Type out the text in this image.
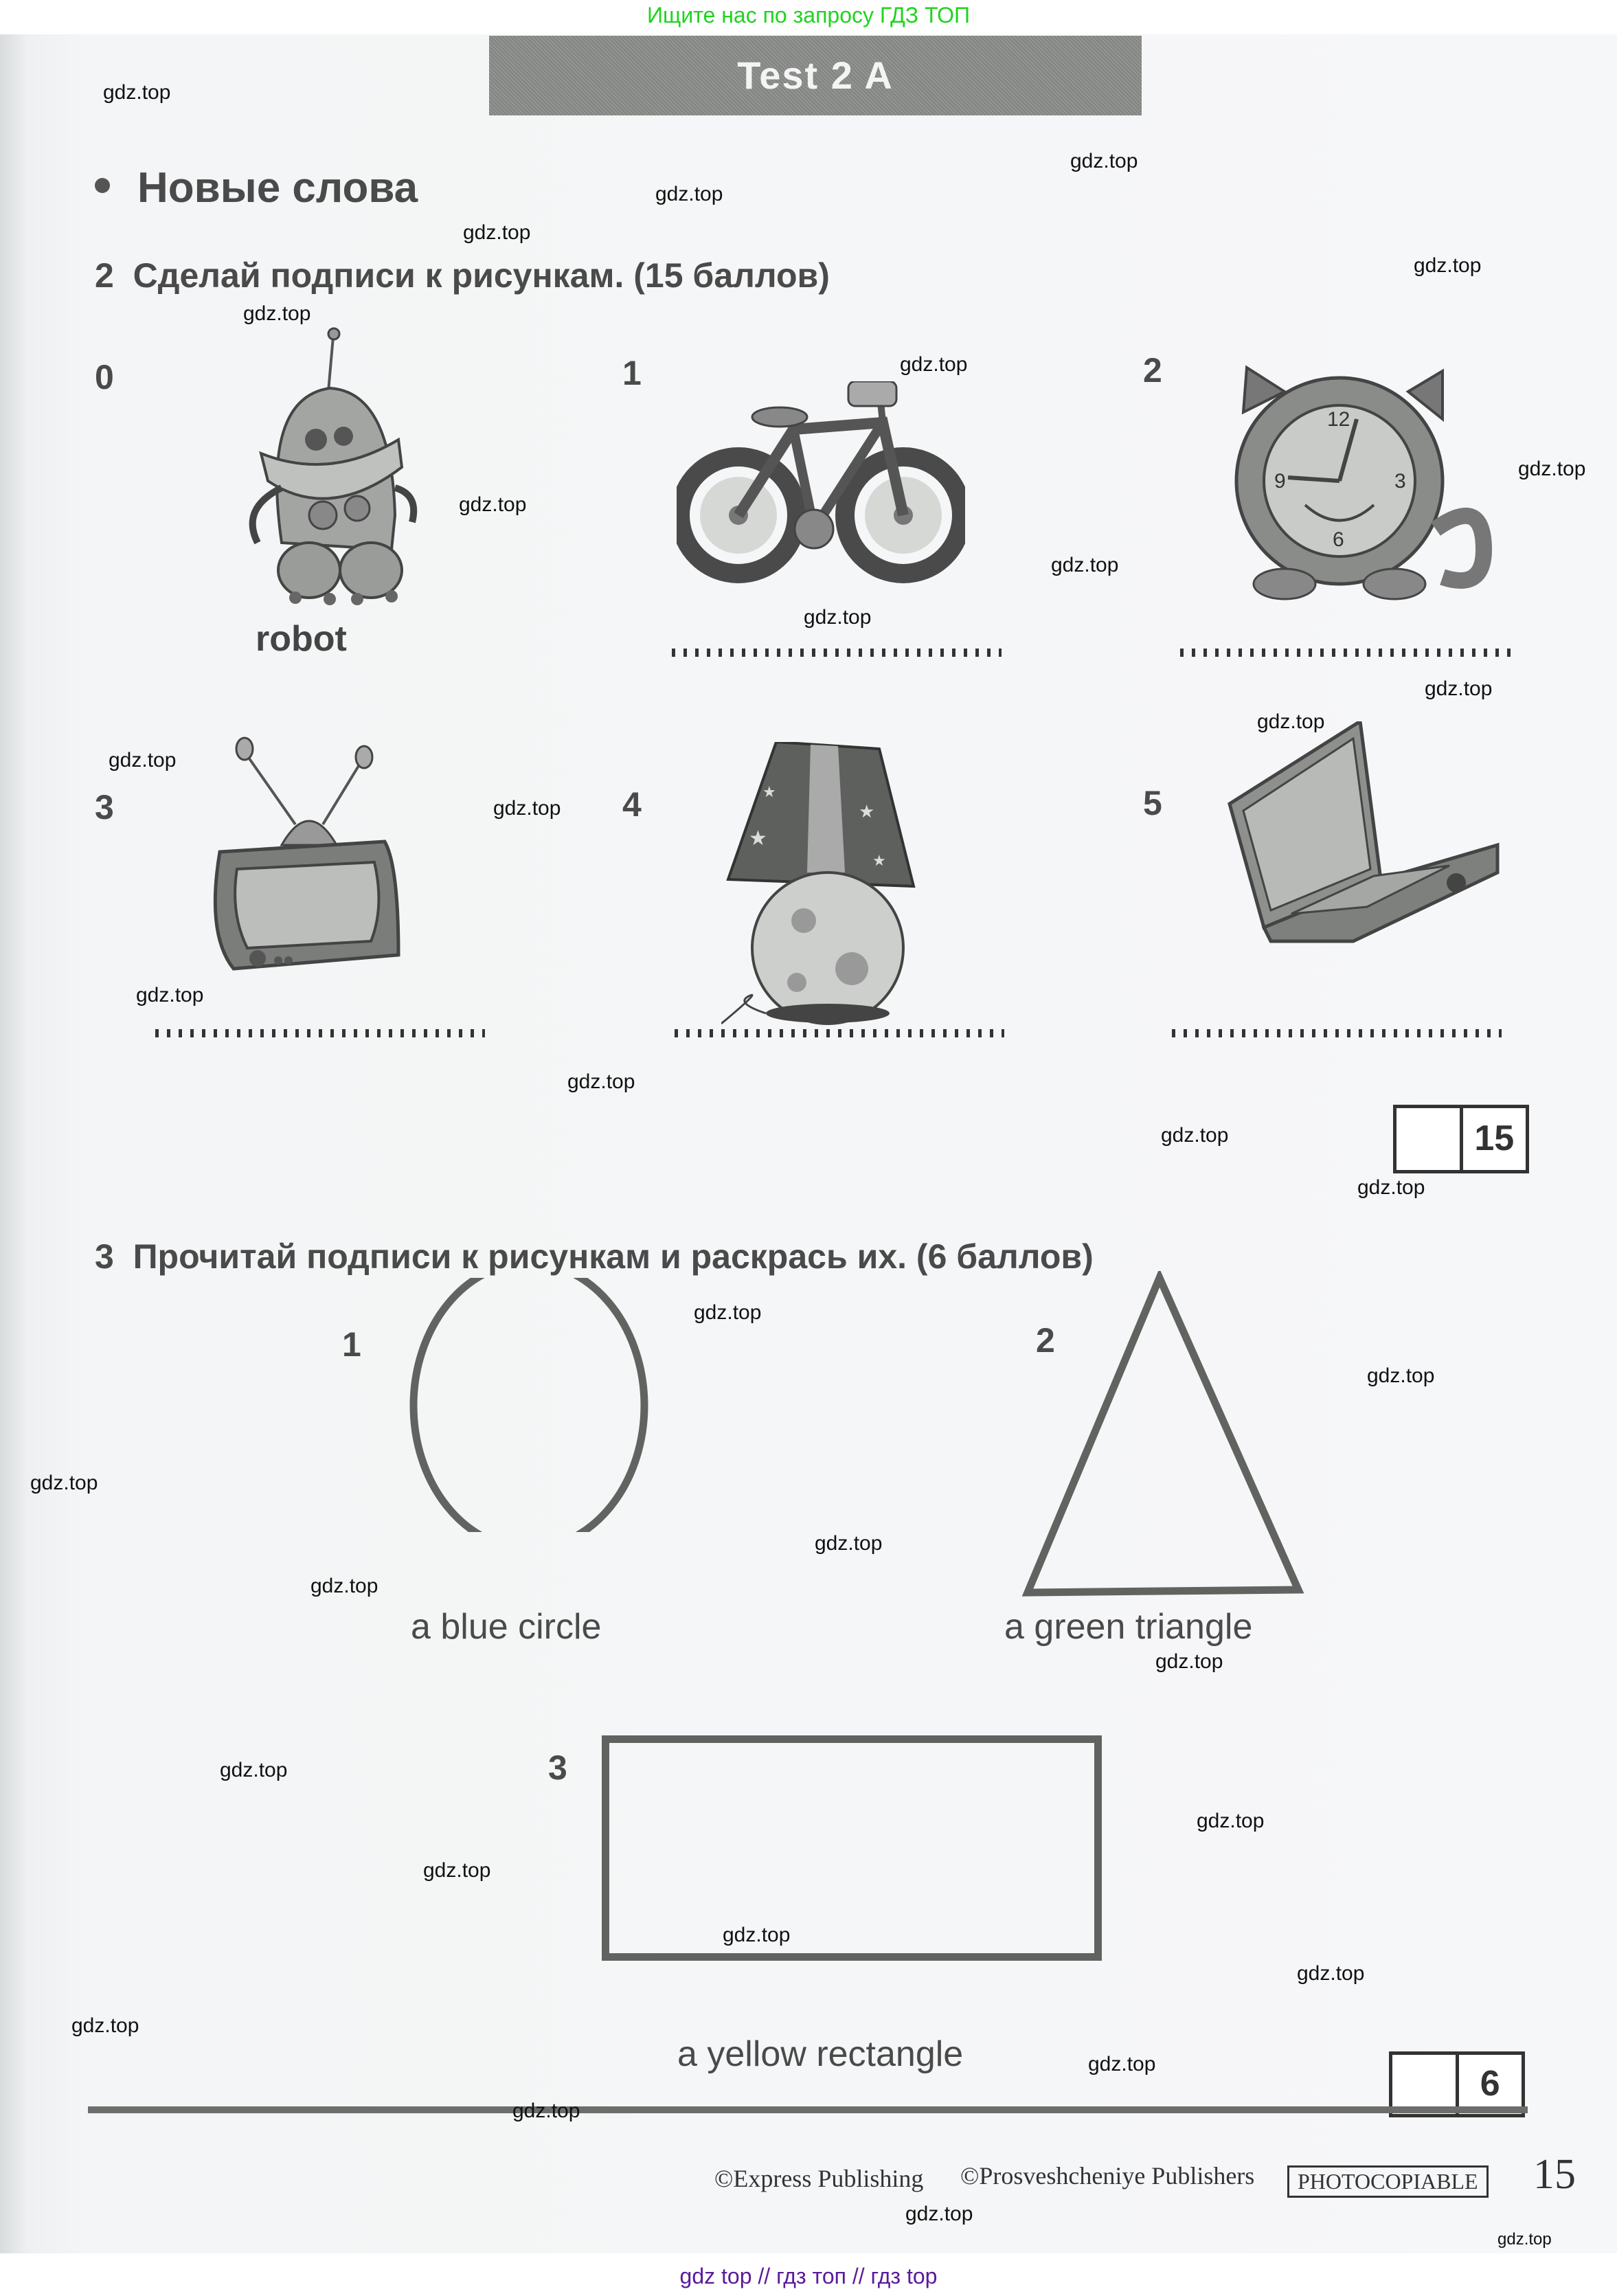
Ищите нас по запросу ГДЗ ТОП
Test 2 A
Новые слова
2 Сделай подписи к рисункам. (15 баллов)
0	1	2
3	4	5
robot
12
9	3
6
★
★
★
★
15
3 Прочитай подписи к рисункам и раскрась их. (6 баллов)
1
a blue circle
2
a green triangle
3
a yellow rectangle
6
©Express Publishing ©Prosveshcheniye Publishers	PHOTOCOPIABLE 15
gdz.top
gdz.top
gdz.top
gdz.top
gdz.top
gdz.top
gdz.top
gdz.top
gdz.top
gdz.top
gdz.top
gdz.top
gdz.top
gdz.top
gdz.top
gdz.top
gdz.top
gdz.top
gdz.top
gdz.top
gdz.top
gdz.top
gdz.top
gdz.top
gdz.top
gdz.top
gdz.top
gdz.top
gdz.top
gdz.top
gdz.top
gdz.top
gdz.top
gdz.top
gdz.top
gdz top // гдз топ // гдз top
